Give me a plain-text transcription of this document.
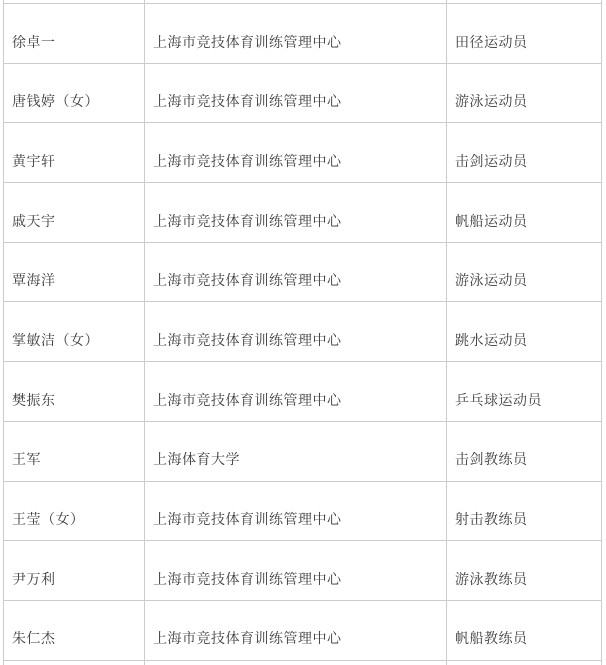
徐卓一	上海市竞技体育训练管理中心	田径运动员
唐钱婷（女）	上海市竞技体育训练管理中心	游泳运动员
黄宇轩	上海市竞技体育训练管理中心	击剑运动员
戚天宇	上海市竞技体育训练管理中心	帆船运动员
覃海洋	上海市竞技体育训练管理中心	游泳运动员
掌敏洁（女）	上海市竞技体育训练管理中心	跳水运动员
樊振东	上海市竞技体育训练管理中心	乒乓球运动员
王军	上海体育大学	击剑教练员
王莹（女）	上海市竞技体育训练管理中心	射击教练员
尹万利	上海市竞技体育训练管理中心	游泳教练员
朱仁杰	上海市竞技体育训练管理中心	帆船教练员
